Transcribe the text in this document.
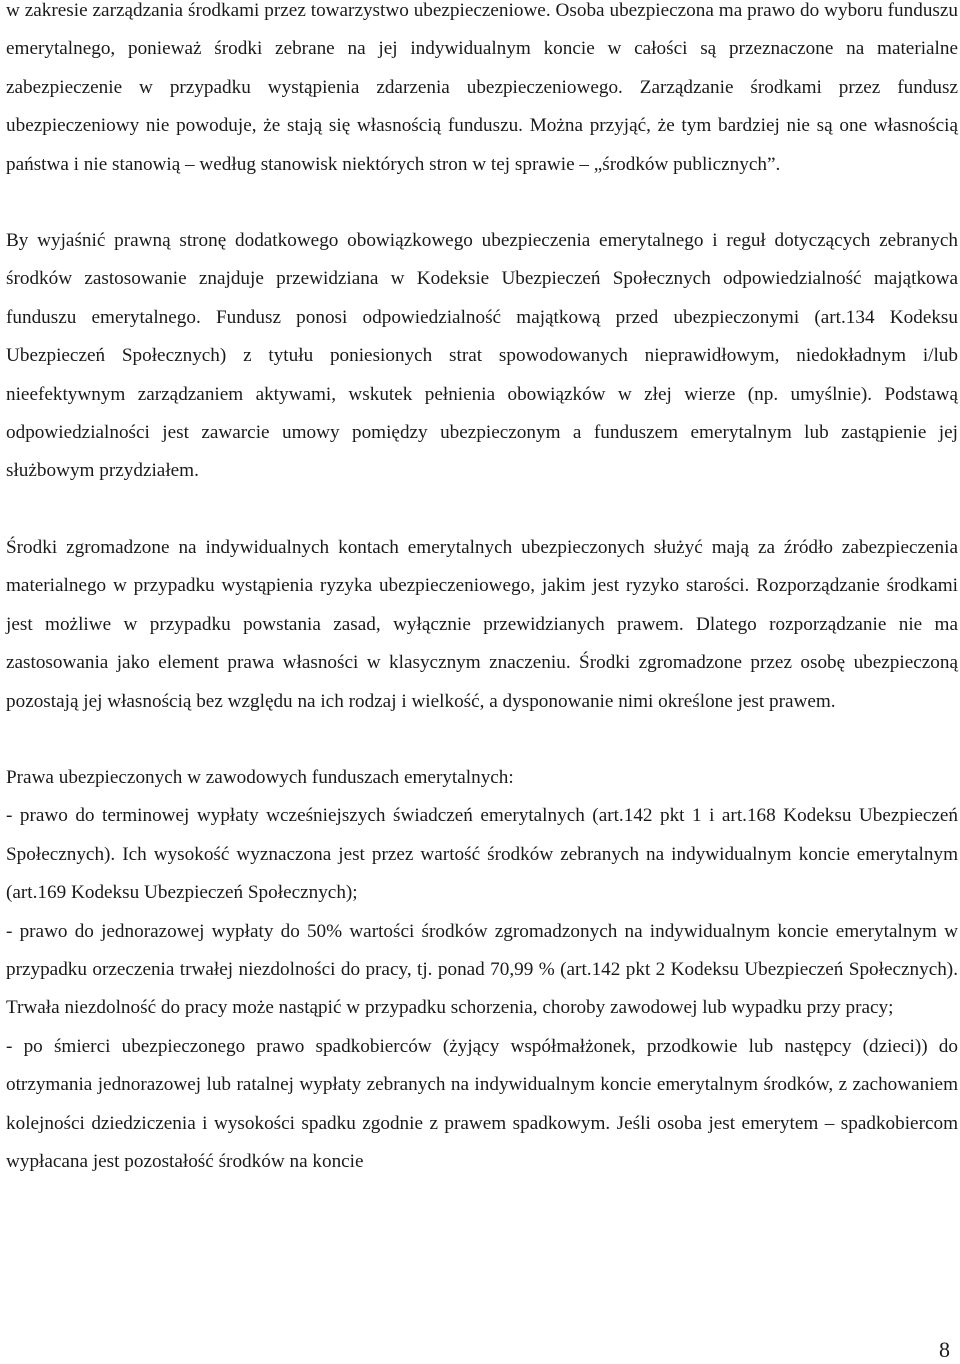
w zakresie zarządzania środkami przez towarzystwo ubezpieczeniowe. Osoba ubezpieczona ma prawo do wyboru funduszu emerytalnego, ponieważ środki zebrane na jej indywidualnym koncie w całości są przeznaczone na materialne zabezpieczenie w przypadku wystąpienia zdarzenia ubezpieczeniowego. Zarządzanie środkami przez fundusz ubezpieczeniowy nie powoduje, że stają się własnością funduszu. Można przyjąć, że tym bardziej nie są one własnością państwa i nie stanowią – według stanowisk niektórych stron w tej sprawie – „środków publicznych”.

By wyjaśnić prawną stronę dodatkowego obowiązkowego ubezpieczenia emerytalnego i reguł dotyczących zebranych środków zastosowanie znajduje przewidziana w Kodeksie Ubezpieczeń Społecznych odpowiedzialność majątkowa funduszu emerytalnego. Fundusz ponosi odpowiedzialność majątkową przed ubezpieczonymi (art.134 Kodeksu Ubezpieczeń Społecznych) z tytułu poniesionych strat spowodowanych nieprawidłowym, niedokładnym i/lub nieefektywnym zarządzaniem aktywami, wskutek pełnienia obowiązków w złej wierze (np. umyślnie). Podstawą odpowiedzialności jest zawarcie umowy pomiędzy ubezpieczonym a funduszem emerytalnym lub zastąpienie jej służbowym przydziałem.

Środki zgromadzone na indywidualnych kontach emerytalnych ubezpieczonych służyć mają za źródło zabezpieczenia materialnego w przypadku wystąpienia ryzyka ubezpieczeniowego, jakim jest ryzyko starości. Rozporządzanie środkami jest możliwe w przypadku powstania zasad, wyłącznie przewidzianych prawem. Dlatego rozporządzanie nie ma zastosowania jako element prawa własności w klasycznym znaczeniu. Środki zgromadzone przez osobę ubezpieczoną pozostają jej własnością bez względu na ich rodzaj i wielkość, a dysponowanie nimi określone jest prawem.

Prawa ubezpieczonych w zawodowych funduszach emerytalnych:

- prawo do terminowej wypłaty wcześniejszych świadczeń emerytalnych (art.142 pkt 1 i art.168 Kodeksu Ubezpieczeń Społecznych). Ich wysokość wyznaczona jest przez wartość środków zebranych na indywidualnym koncie emerytalnym (art.169 Kodeksu Ubezpieczeń Społecznych);

- prawo do jednorazowej wypłaty do 50% wartości środków zgromadzonych na indywidualnym koncie emerytalnym w przypadku orzeczenia trwałej niezdolności do pracy, tj. ponad 70,99 % (art.142 pkt 2 Kodeksu Ubezpieczeń Społecznych). Trwała niezdolność do pracy może nastąpić w przypadku schorzenia, choroby zawodowej lub wypadku przy pracy;

- po śmierci ubezpieczonego prawo spadkobierców (żyjący współmałżonek, przodkowie lub następcy (dzieci)) do otrzymania jednorazowej lub ratalnej wypłaty zebranych na indywidualnym koncie emerytalnym środków, z zachowaniem kolejności dziedziczenia i wysokości spadku zgodnie z prawem spadkowym. Jeśli osoba jest emerytem – spadkobiercom wypłacana jest pozostałość środków na koncie

8
